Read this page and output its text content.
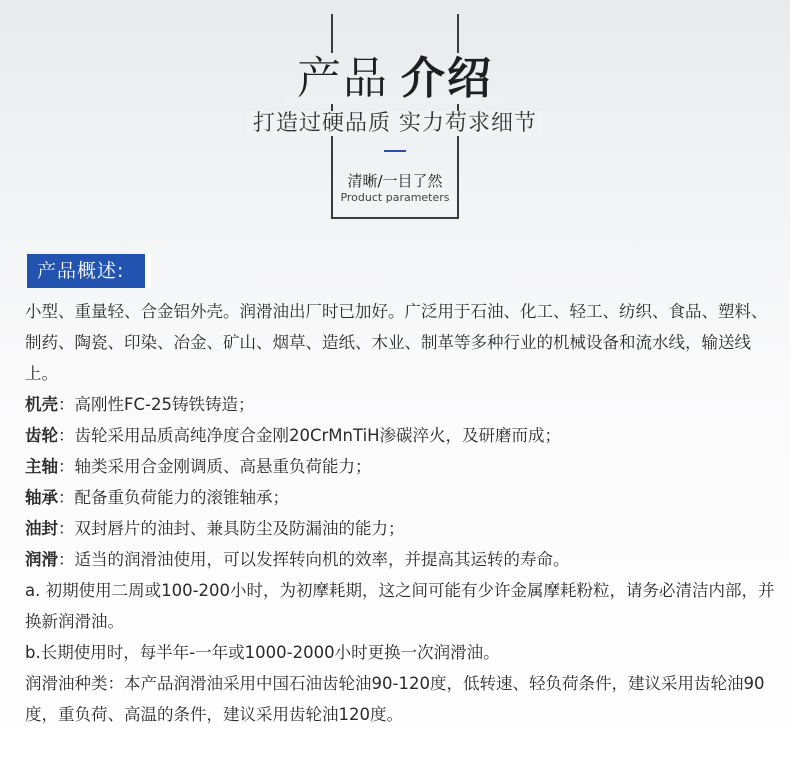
产品 介绍
打造过硬品质 实力苟求细节
清晰/一目了然
Product parameters
产品概述:

小型、重量轻、合金铝外壳。润滑油出厂时已加好。广泛用于石油、化工、轻工、纺织、食品、塑料、制药、陶瓷、印染、冶金、矿山、烟草、造纸、木业、制革等多种行业的机械设备和流水线，输送线上。

机壳：高刚性FC-25铸铁铸造；

齿轮：齿轮采用品质高纯净度合金刚20CrMnTiH渗碳淬火，及研磨而成；

主轴：轴类采用合金刚调质、高悬重负荷能力；

轴承：配备重负荷能力的滚锥轴承；

油封：双封唇片的油封、兼具防尘及防漏油的能力；

润滑：适当的润滑油使用，可以发挥转向机的效率，并提高其运转的寿命。

a. 初期使用二周或100-200小时，为初摩耗期，这之间可能有少许金属摩耗粉粒，请务必清洁内部，并换新润滑油。

b.长期使用时，每半年-一年或1000-2000小时更换一次润滑油。

润滑油种类：本产品润滑油采用中国石油齿轮油90-120度，低转速、轻负荷条件，建议采用齿轮油90度，重负荷、高温的条件，建议采用齿轮油120度。
